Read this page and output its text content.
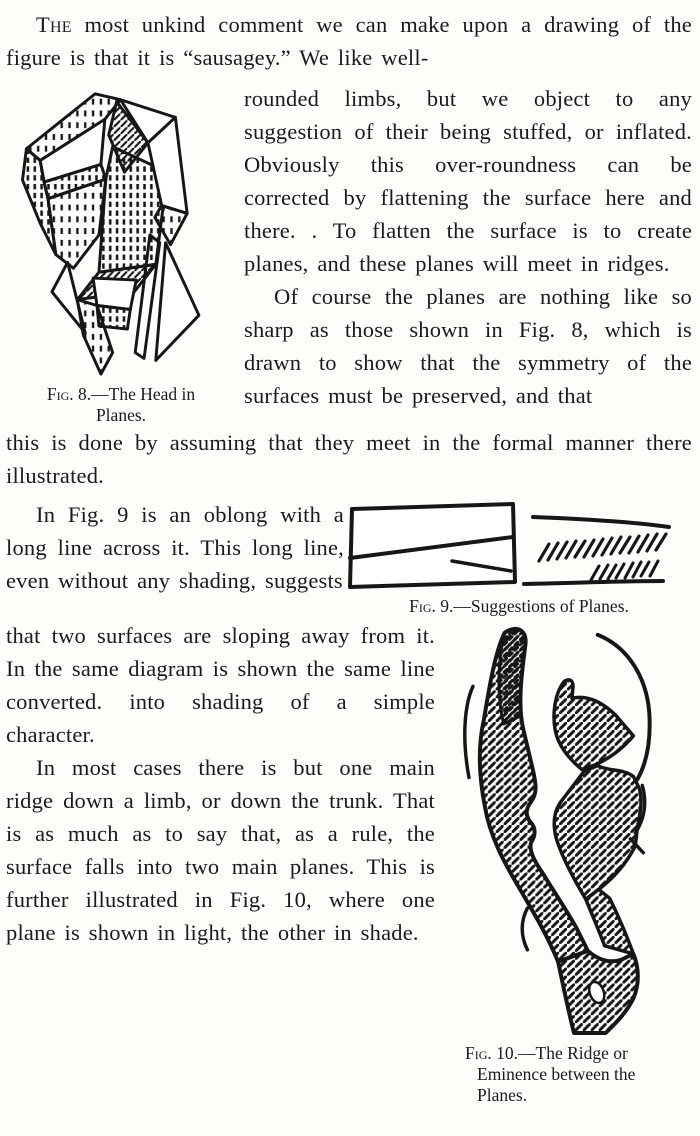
The most unkind comment we can make upon a drawing of the figure is that it is “sausagey.” We like well-

Fig. 8.—The Head in
Planes.

rounded limbs, but we object to any suggestion of their being stuffed, or inflated. Obviously this over-roundness can be corrected by flattening the surface here and there. . To flatten the surface is to create planes, and these planes will meet in ridges.

Of course the planes are nothing like so sharp as those shown in Fig. 8, which is drawn to show that the symmetry of the surfaces must be preserved, and that

this is done by assuming that they meet in the formal manner there illustrated.

In Fig. 9 is an oblong with a long line across it. This long line, even without any shading, suggests

Fig. 9.—Suggestions of Planes.

that two surfaces are sloping away from it. In the same diagram is shown the same line converted. into shading of a simple character.

In most cases there is but one main ridge down a limb, or down the trunk. That is as much as to say that, as a rule, the surface falls into two main planes. This is further illustrated in Fig. 10, where one plane is shown in light, the other in shade.

Fig. 10.—The Ridge or
Eminence between the
Planes.
